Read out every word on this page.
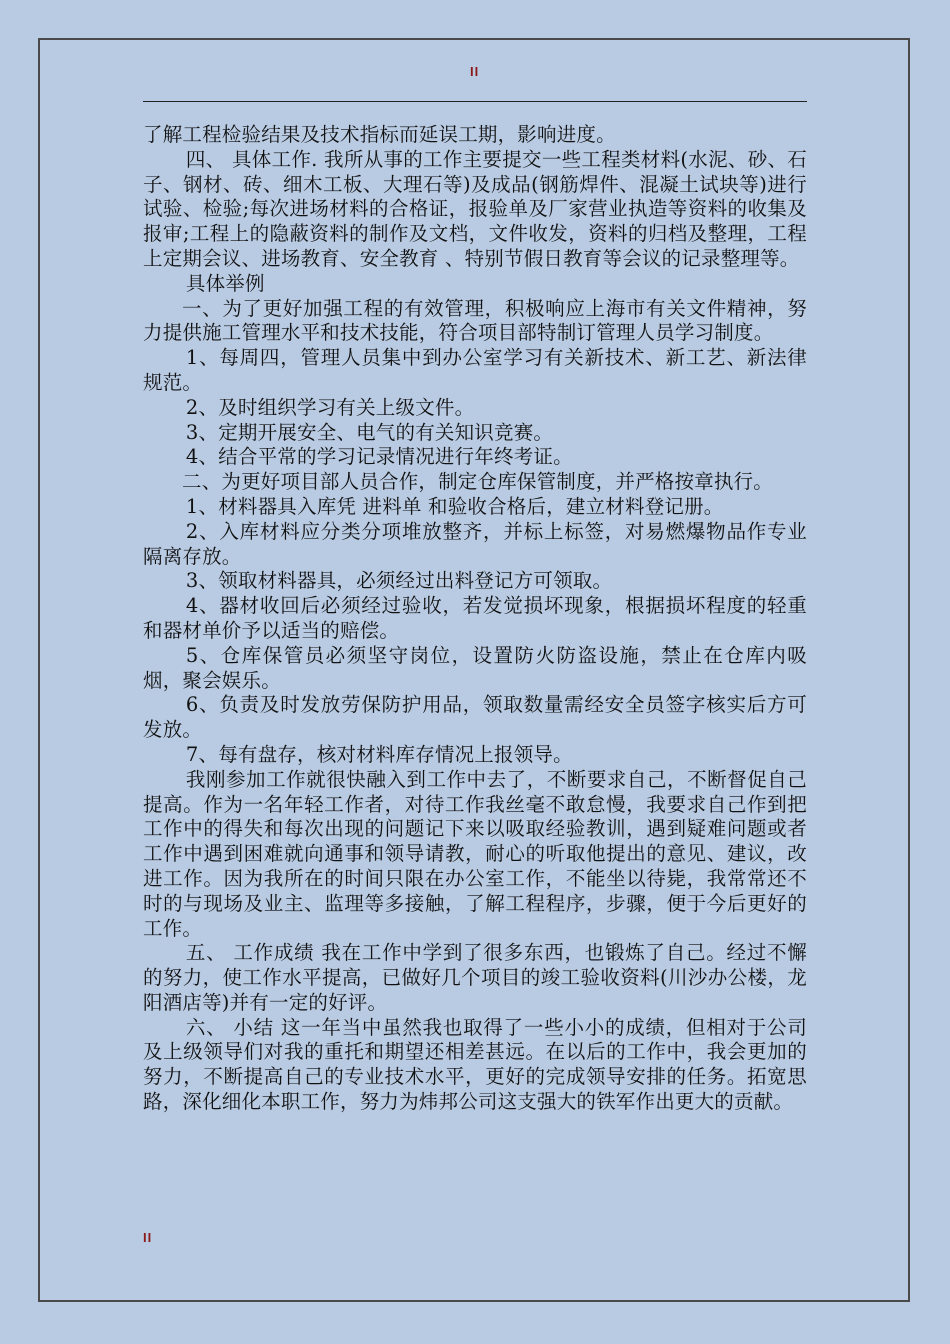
II

了解工程检验结果及技术指标而延误工期，影响进度。

四、 具体工作. 我所从事的工作主要提交一些工程类材料(水泥、砂、石子、钢材、砖、细木工板、大理石等)及成品(钢筋焊件、混凝土试块等)进行试验、检验;每次进场材料的合格证，报验单及厂家营业执造等资料的收集及报审;工程上的隐蔽资料的制作及文档，文件收发，资料的归档及整理，工程上定期会议、进场教育、安全教育 、特别节假日教育等会议的记录整理等。

具体举例

一、为了更好加强工程的有效管理，积极响应上海市有关文件精神，努力提供施工管理水平和技术技能，符合项目部特制订管理人员学习制度。

1、每周四，管理人员集中到办公室学习有关新技术、新工艺、新法律规范。

2、及时组织学习有关上级文件。

3、定期开展安全、电气的有关知识竞赛。

4、结合平常的学习记录情况进行年终考证。

二、为更好项目部人员合作，制定仓库保管制度，并严格按章执行。

1、材料器具入库凭 进料单 和验收合格后，建立材料登记册。

2、入库材料应分类分项堆放整齐，并标上标签，对易燃爆物品作专业隔离存放。

3、领取材料器具，必须经过出料登记方可领取。

4、器材收回后必须经过验收，若发觉损坏现象，根据损坏程度的轻重和器材单价予以适当的赔偿。

5、仓库保管员必须坚守岗位，设置防火防盗设施，禁止在仓库内吸烟，聚会娱乐。

6、负责及时发放劳保防护用品，领取数量需经安全员签字核实后方可发放。

7、每有盘存，核对材料库存情况上报领导。

我刚参加工作就很快融入到工作中去了，不断要求自己，不断督促自己提高。作为一名年轻工作者，对待工作我丝毫不敢怠慢，我要求自己作到把工作中的得失和每次出现的问题记下来以吸取经验教训，遇到疑难问题或者工作中遇到困难就向通事和领导请教，耐心的听取他提出的意见、建议，改进工作。因为我所在的时间只限在办公室工作，不能坐以待毙，我常常还不时的与现场及业主、监理等多接触，了解工程程序，步骤，便于今后更好的工作。

五、 工作成绩 我在工作中学到了很多东西，也锻炼了自己。经过不懈的努力，使工作水平提高，已做好几个项目的竣工验收资料(川沙办公楼，龙阳酒店等)并有一定的好评。

六、 小结 这一年当中虽然我也取得了一些小小的成绩，但相对于公司及上级领导们对我的重托和期望还相差甚远。在以后的工作中，我会更加的努力，不断提高自己的专业技术水平，更好的完成领导安排的任务。拓宽思路，深化细化本职工作，努力为炜邦公司这支强大的铁军作出更大的贡献。

II
